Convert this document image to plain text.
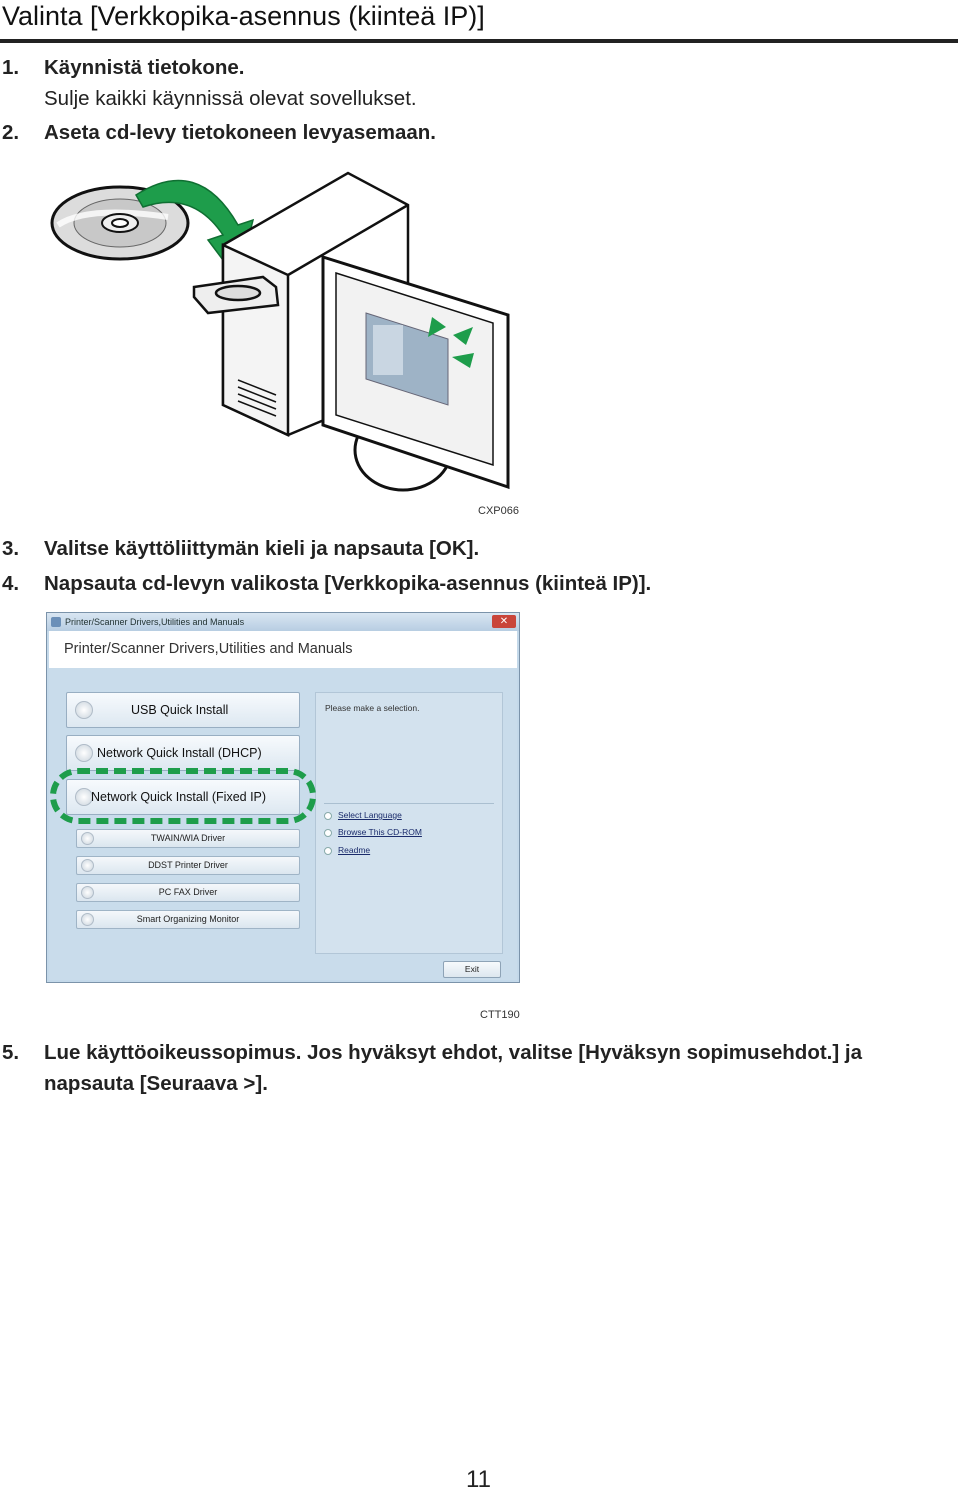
Valinta [Verkkopika-asennus (kiinteä IP)]
1. Käynnistä tietokone.
Sulje kaikki käynnissä olevat sovellukset.
2. Aseta cd-levy tietokoneen levyasemaan.
CXP066
3. Valitse käyttöliittymän kieli ja napsauta [OK].
4. Napsauta cd-levyn valikosta [Verkkopika-asennus (kiinteä IP)].
Printer/Scanner Drivers,Utilities and Manuals	✕
Printer/Scanner Drivers,Utilities and Manuals
USB Quick Install
Network Quick Install (DHCP)
Network Quick Install (Fixed IP)
TWAIN/WIA Driver
DDST Printer Driver
PC FAX Driver
Smart Organizing Monitor
Please make a selection.
Select Language
Browse This CD-ROM
Readme
Exit
CTT190
5. Lue käyttöoikeussopimus. Jos hyväksyt ehdot, valitse [Hyväksyn sopimusehdot.] ja
napsauta [Seuraava >].
11
